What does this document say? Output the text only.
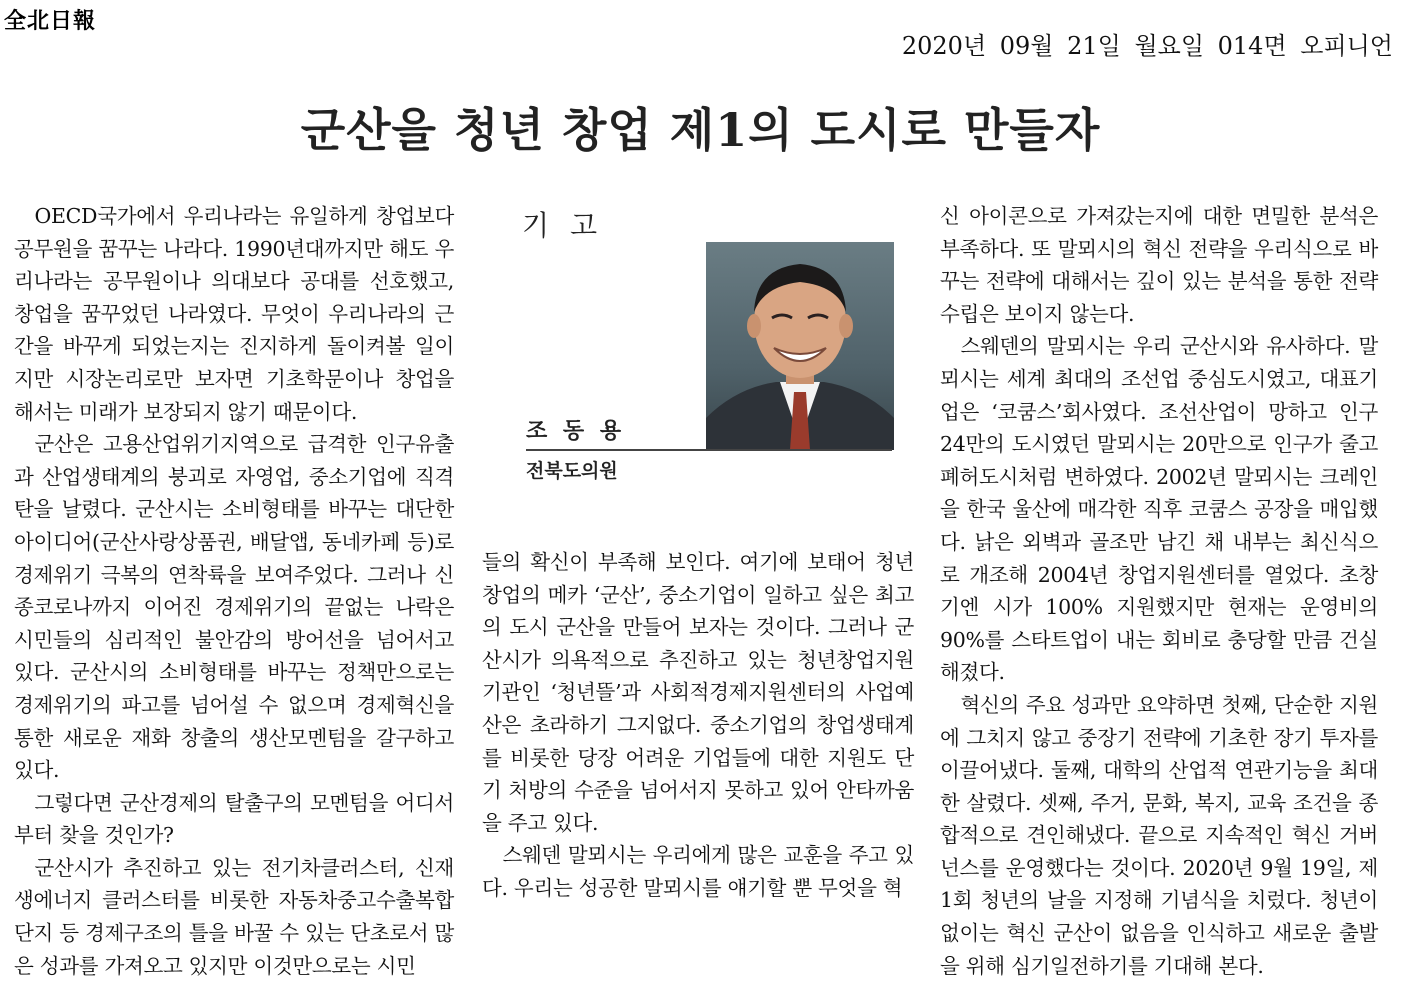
全北日報
2020년 09월 21일 월요일 014면 오피니언
군산을 청년 창업 제1의 도시로 만들자

OECD국가에서 우리나라는 유일하게 창업보다 공무원을 꿈꾸는 나라다. 1990년대까지만 해도 우리나라는 공무원이나 의대보다 공대를 선호했고, 창업을 꿈꾸었던 나라였다. 무엇이 우리나라의 근간을 바꾸게 되었는지는 진지하게 돌이켜볼 일이지만 시장논리로만 보자면 기초학문이나 창업을 해서는 미래가 보장되지 않기 때문이다.

군산은 고용산업위기지역으로 급격한 인구유출과 산업생태계의 붕괴로 자영업, 중소기업에 직격탄을 날렸다. 군산시는 소비형태를 바꾸는 대단한 아이디어(군산사랑상품권, 배달앱, 동네카페 등)로 경제위기 극복의 연착륙을 보여주었다. 그러나 신종코로나까지 이어진 경제위기의 끝없는 나락은 시민들의 심리적인 불안감의 방어선을 넘어서고 있다. 군산시의 소비형태를 바꾸는 정책만으로는 경제위기의 파고를 넘어설 수 없으며 경제혁신을 통한 새로운 재화 창출의 생산모멘텀을 갈구하고 있다.

그렇다면 군산경제의 탈출구의 모멘텀을 어디서부터 찾을 것인가?

군산시가 추진하고 있는 전기차클러스터, 신재생에너지 클러스터를 비롯한 자동차중고수출복합단지 등 경제구조의 틀을 바꿀 수 있는 단초로서 많은 성과를 가져오고 있지만 이것만으로는 시민

기 고
조 동 용
전북도의원

들의 확신이 부족해 보인다. 여기에 보태어 청년창업의 메카 ‘군산’, 중소기업이 일하고 싶은 최고의 도시 군산을 만들어 보자는 것이다. 그러나 군산시가 의욕적으로 추진하고 있는 청년창업지원기관인 ‘청년뜰’과 사회적경제지원센터의 사업예산은 초라하기 그지없다. 중소기업의 창업생태계를 비롯한 당장 어려운 기업들에 대한 지원도 단기 처방의 수준을 넘어서지 못하고 있어 안타까움을 주고 있다.

스웨덴 말뫼시는 우리에게 많은 교훈을 주고 있다. 우리는 성공한 말뫼시를 얘기할 뿐 무엇을 혁

신 아이콘으로 가져갔는지에 대한 면밀한 분석은 부족하다. 또 말뫼시의 혁신 전략을 우리식으로 바꾸는 전략에 대해서는 깊이 있는 분석을 통한 전략 수립은 보이지 않는다.

스웨덴의 말뫼시는 우리 군산시와 유사하다. 말뫼시는 세계 최대의 조선업 중심도시였고, 대표기업은 ‘코쿰스’회사였다. 조선산업이 망하고 인구 24만의 도시였던 말뫼시는 20만으로 인구가 줄고 폐허도시처럼 변하였다. 2002년 말뫼시는 크레인을 한국 울산에 매각한 직후 코쿰스 공장을 매입했다. 낡은 외벽과 골조만 남긴 채 내부는 최신식으로 개조해 2004년 창업지원센터를 열었다. 초창기엔 시가 100% 지원했지만 현재는 운영비의 90%를 스타트업이 내는 회비로 충당할 만큼 건실해졌다.

혁신의 주요 성과만 요약하면 첫째, 단순한 지원에 그치지 않고 중장기 전략에 기초한 장기 투자를 이끌어냈다. 둘째, 대학의 산업적 연관기능을 최대한 살렸다. 셋째, 주거, 문화, 복지, 교육 조건을 종합적으로 견인해냈다. 끝으로 지속적인 혁신 거버넌스를 운영했다는 것이다. 2020년 9월 19일, 제 1회 청년의 날을 지정해 기념식을 치렀다. 청년이 없이는 혁신 군산이 없음을 인식하고 새로운 출발을 위해 심기일전하기를 기대해 본다.
